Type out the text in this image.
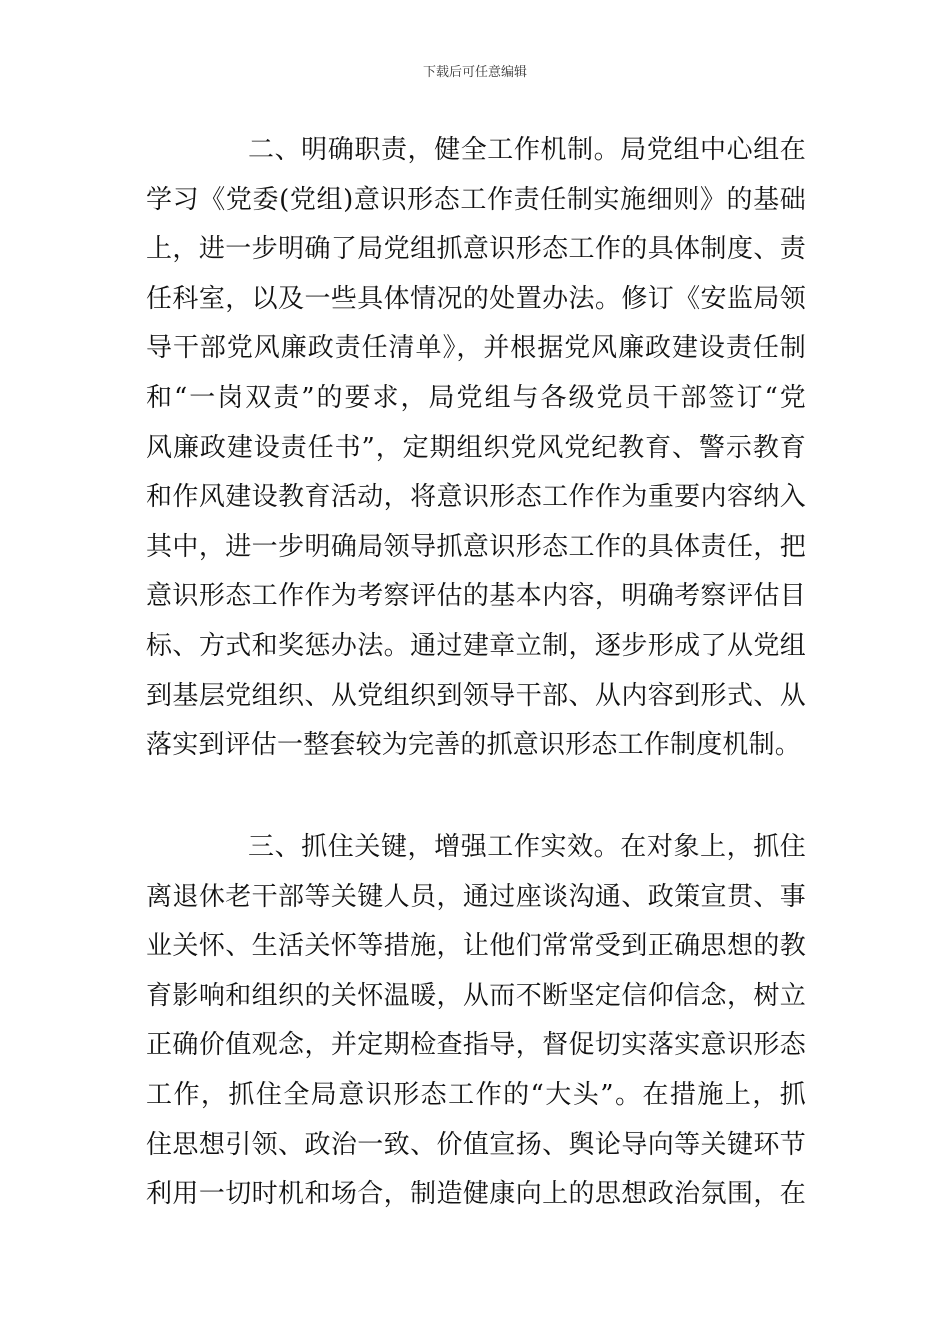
下载后可任意编辑
二、明确职责，健全工作机制。局党组中心组在
学习《党委(党组)意识形态工作责任制实施细则》的基础
上，进一步明确了局党组抓意识形态工作的具体制度、责
任科室，以及一些具体情况的处置办法。修订《安监局领
导干部党风廉政责任清单》，并根据党风廉政建设责任制
和“一岗双责”的要求，局党组与各级党员干部签订“党
风廉政建设责任书”，定期组织党风党纪教育、警示教育
和作风建设教育活动，将意识形态工作作为重要内容纳入
其中，进一步明确局领导抓意识形态工作的具体责任，把
意识形态工作作为考察评估的基本内容，明确考察评估目
标、方式和奖惩办法。通过建章立制，逐步形成了从党组
到基层党组织、从党组织到领导干部、从内容到形式、从
落实到评估一整套较为完善的抓意识形态工作制度机制。
三、抓住关键，增强工作实效。在对象上，抓住
离退休老干部等关键人员，通过座谈沟通、政策宣贯、事
业关怀、生活关怀等措施，让他们常常受到正确思想的教
育影响和组织的关怀温暖，从而不断坚定信仰信念，树立
正确价值观念，并定期检查指导，督促切实落实意识形态
工作，抓住全局意识形态工作的“大头”。在措施上，抓
住思想引领、政治一致、价值宣扬、舆论导向等关键环节
利用一切时机和场合，制造健康向上的思想政治氛围，在
